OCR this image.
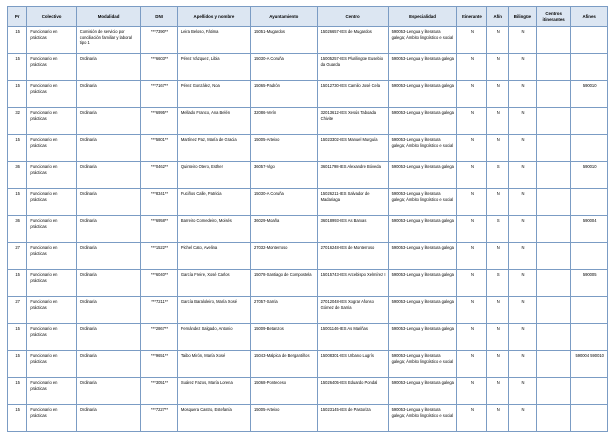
Pr	Colectivo	Modalidad	DNI	Apellidos y nombre	Ayuntamiento	Centro	Especialidad	Itinerante	Afín	Bilingüe	Centros itinerantes	Afines
15	Funcionario en prácticas	Comisión de servicio por conciliación familiar y laboral tipo 1	***7390**	Leira Beloso, Fátima	15051-Mugardos	15026657-IES de Mugardos	590053-Lengua y literatura galega; Ámbito lingüístico e social	N	N	N		
15	Funcionario en prácticas	Ordinaria	***6603**	Pérez Vázquez, Libia	15030-A Coruña	15005257-IES Plurilingüe Eusebio da Guarda	590053-Lengua y literatura galega	N	N	N		
15	Funcionario en prácticas	Ordinaria	***7167**	Pérez González, Noa	15065-Padrón	15012730-IES Camilo José Cela	590053-Lengua y literatura galega	N	N	N		590010
32	Funcionario en prácticas	Ordinaria	***6995**	Mellado Franco, Ana Belén	32086-Verín	32013612-IES Xesús Taboada Chivite	590053-Lengua y literatura galega	N	N	N		
15	Funcionario en prácticas	Ordinaria	***5801**	Martínez Paz, María de Gracia	15005-Arteixo	15023302-IES Manuel Murguía	590053-Lengua y literatura galega; Ámbito lingüístico e social	N	N	N		
36	Funcionario en prácticas	Ordinaria	***0462**	Quinteiro Otero, Esther	36057-Vigo	36011798-IES Alexandre Bóveda	590053-Lengua y literatura galega	N	S	N		590010
15	Funcionario en prácticas	Ordinaria	***8341**	Fuciños Calle, Patricia	15030-A Coruña	15026211-IES Salvador de Madariaga	590053-Lengua y literatura galega; Ámbito lingüístico e social	N	N	N		
36	Funcionario en prácticas	Ordinaria	***6958**	Barreiro Comedeiro, Moisés	36029-Moaña	36018993-IES As Barxas	590053-Lengua y literatura galega	N	S	N		590004
27	Funcionario en prácticas	Ordinaria	***1522**	Pichel Cato, Avelina	27032-Monterroso	27016248-IES de Monterroso	590053-Lengua y literatura galega	N	N	N		
15	Funcionario en prácticas	Ordinaria	***6040**	García Freire, Xosé Carlos	15078-Santiago de Compostela	15015743-IES Arcebispo Xelmírez I	590053-Lengua y literatura galega	N	S	N		590005
27	Funcionario en prácticas	Ordinaria	***7211**	García Baraloleiro, María Xosé	27057-Sarria	27012048-IES Xograr Afonso Gómez de Sarria	590053-Lengua y literatura galega	N	N	N		
15	Funcionario en prácticas	Ordinaria	***2867**	Fernández Salgado, Antonio	15009-Betanzos	15001146-IES As Mariñas	590053-Lengua y literatura galega	N	N	N		
15	Funcionario en prácticas	Ordinaria	***9651**	Taibo Mirón, María Xosé	15043-Malpica de Bergantiños	15008301-IES Urbano Lugrís	590053-Lengua y literatura galega; Ámbito lingüístico e social	N	N	N		590004 590010
15	Funcionario en prácticas	Ordinaria	***3051**	Suárez Fazos, María Lorena	15068-Ponteceso	15026405-IES Eduardo Pondal	590053-Lengua y literatura galega	N	N	N		
15	Funcionario en prácticas	Ordinaria	***7227**	Mosquera Castro, Estefanía	15005-Arteixo	15023145-IES de Pastoriza	590053-Lengua y literatura galega; Ámbito lingüístico e social	N	N	N		
